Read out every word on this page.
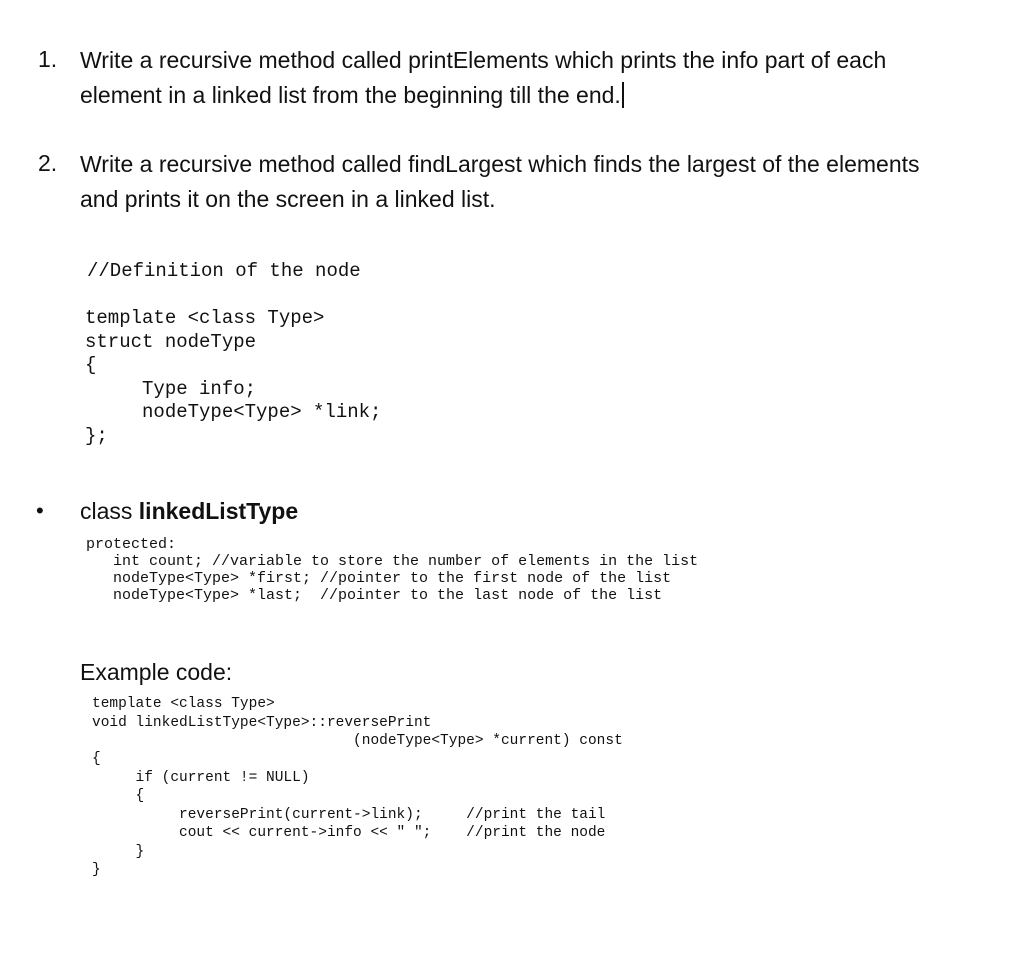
1. Write a recursive method called printElements which prints the info part of each
element in a linked list from the beginning till the end.
2. Write a recursive method called findLargest which finds the largest of the elements
and prints it on the screen in a linked list.
//Definition of the node
template <class Type>
struct nodeType
{
Type info;
nodeType<Type> *link;
};
• class linkedListType
protected:
int count; //variable to store the number of elements in the list
nodeType<Type> *first; //pointer to the first node of the list
nodeType<Type> *last;  //pointer to the last node of the list
Example code:
template <class Type>
void linkedListType<Type>::reversePrint
(nodeType<Type> *current) const
{
if (current != NULL)
{
reversePrint(current->link);     //print the tail
cout << current->info << " ";    //print the node
}
}
